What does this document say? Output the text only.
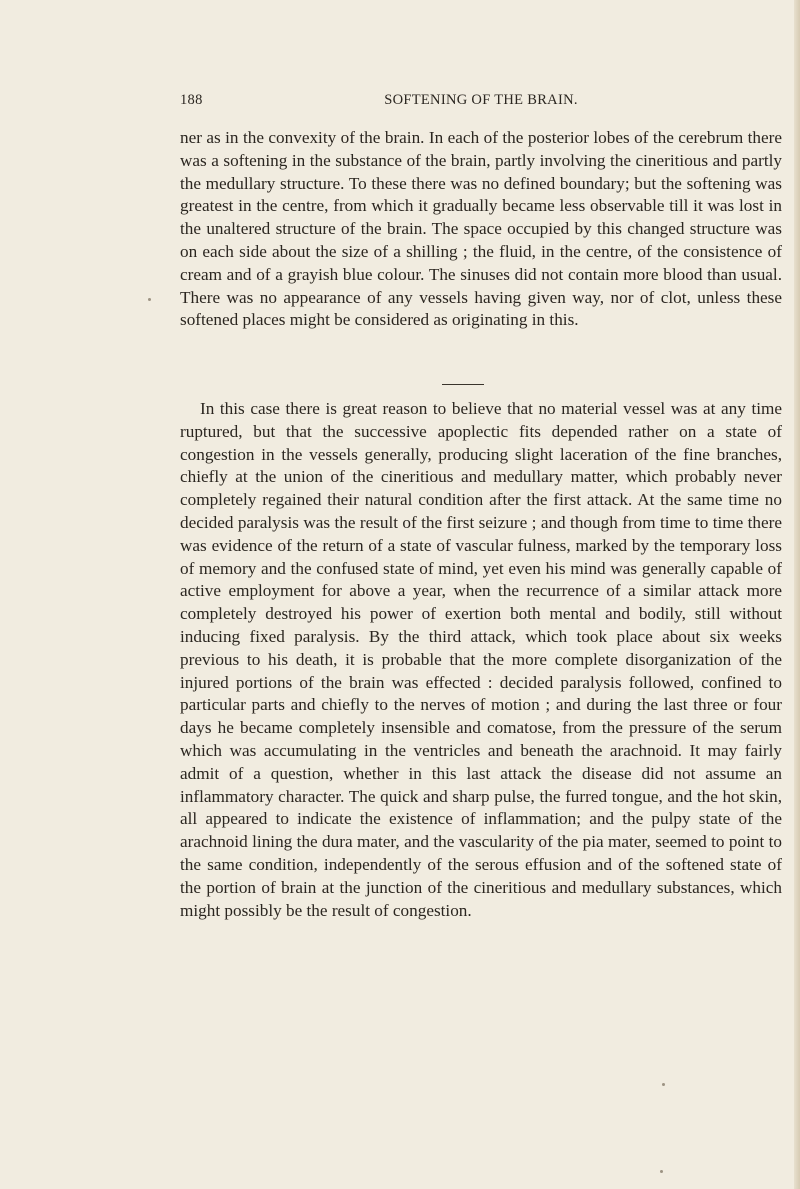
188	SOFTENING OF THE BRAIN.

ner as in the convexity of the brain. In each of the posterior lobes of the cerebrum there was a softening in the substance of the brain, partly involving the cineritious and partly the medullary structure. To these there was no defined boundary; but the softening was greatest in the centre, from which it gradually became less observable till it was lost in the unaltered structure of the brain. The space occupied by this changed structure was on each side about the size of a shilling ; the fluid, in the centre, of the consistence of cream and of a grayish blue colour. The sinuses did not contain more blood than usual. There was no appearance of any vessels having given way, nor of clot, unless these softened places might be considered as originating in this.

In this case there is great reason to believe that no material vessel was at any time ruptured, but that the successive apoplectic fits depended rather on a state of congestion in the vessels generally, producing slight laceration of the fine branches, chiefly at the union of the cineritious and medullary matter, which probably never completely regained their natural condition after the first attack. At the same time no decided paralysis was the result of the first seizure ; and though from time to time there was evidence of the return of a state of vascular fulness, marked by the temporary loss of memory and the confused state of mind, yet even his mind was generally capable of active employment for above a year, when the recurrence of a similar attack more completely destroyed his power of exertion both mental and bodily, still without inducing fixed paralysis. By the third attack, which took place about six weeks previous to his death, it is probable that the more complete disorganization of the injured portions of the brain was effected : decided paralysis followed, confined to particular parts and chiefly to the nerves of motion ; and during the last three or four days he became completely insensible and comatose, from the pressure of the serum which was accumulating in the ventricles and beneath the arachnoid. It may fairly admit of a question, whether in this last attack the disease did not assume an inflammatory character. The quick and sharp pulse, the furred tongue, and the hot skin, all appeared to indicate the existence of inflammation; and the pulpy state of the arachnoid lining the dura mater, and the vascularity of the pia mater, seemed to point to the same condition, independently of the serous effusion and of the softened state of the portion of brain at the junction of the cineritious and medullary substances, which might possibly be the result of congestion.
